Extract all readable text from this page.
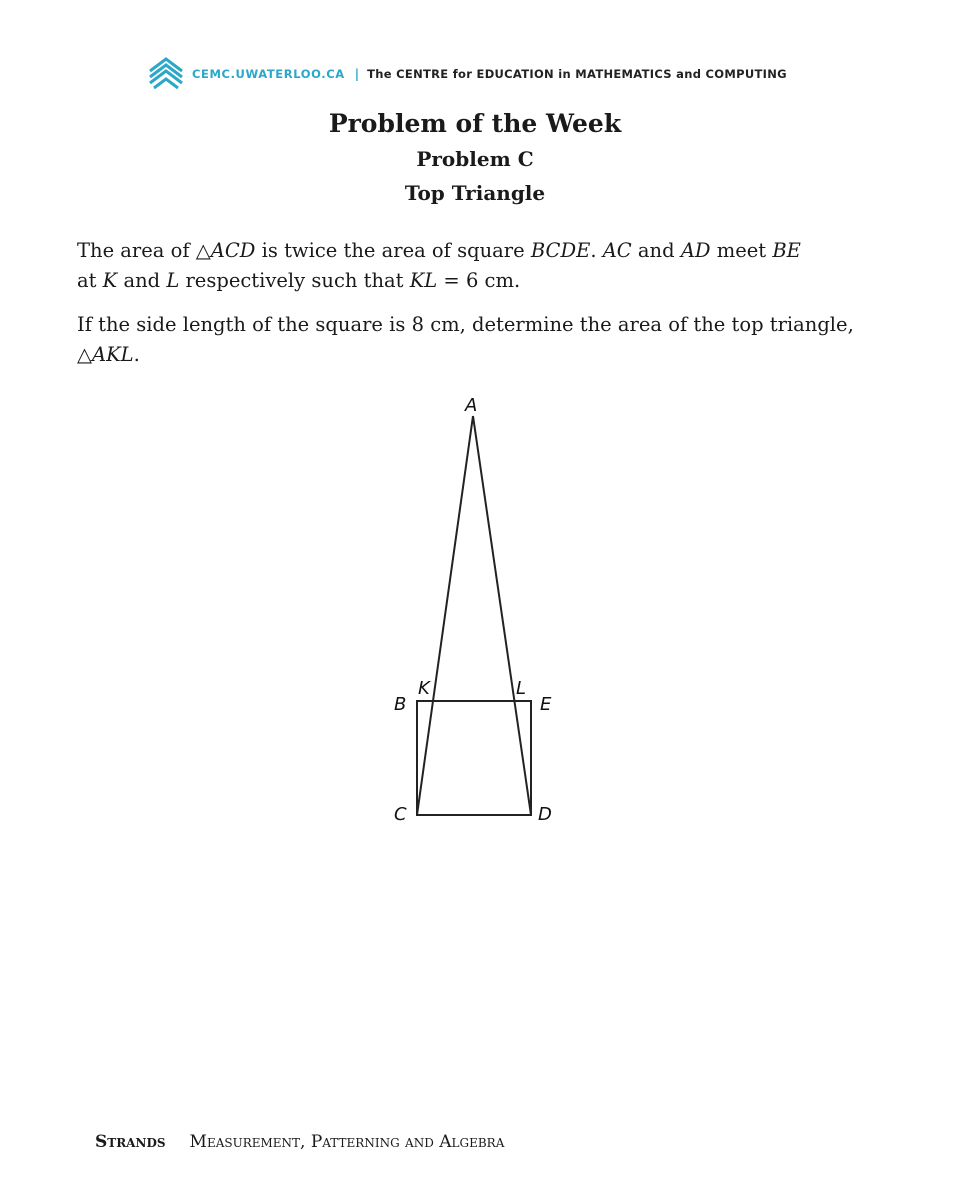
CEMC.UWATERLOO.CA | The CENTRE for EDUCATION in MATHEMATICS and COMPUTING
Problem of the Week
Problem C
Top Triangle
The area of △ACD is twice the area of square BCDE. AC and AD meet BE
at K and L respectively such that KL = 6 cm.
If the side length of the square is 8 cm, determine the area of the top triangle,
△AKL.
A
B	E
K	L
C	D
Strands Measurement, Patterning and Algebra
